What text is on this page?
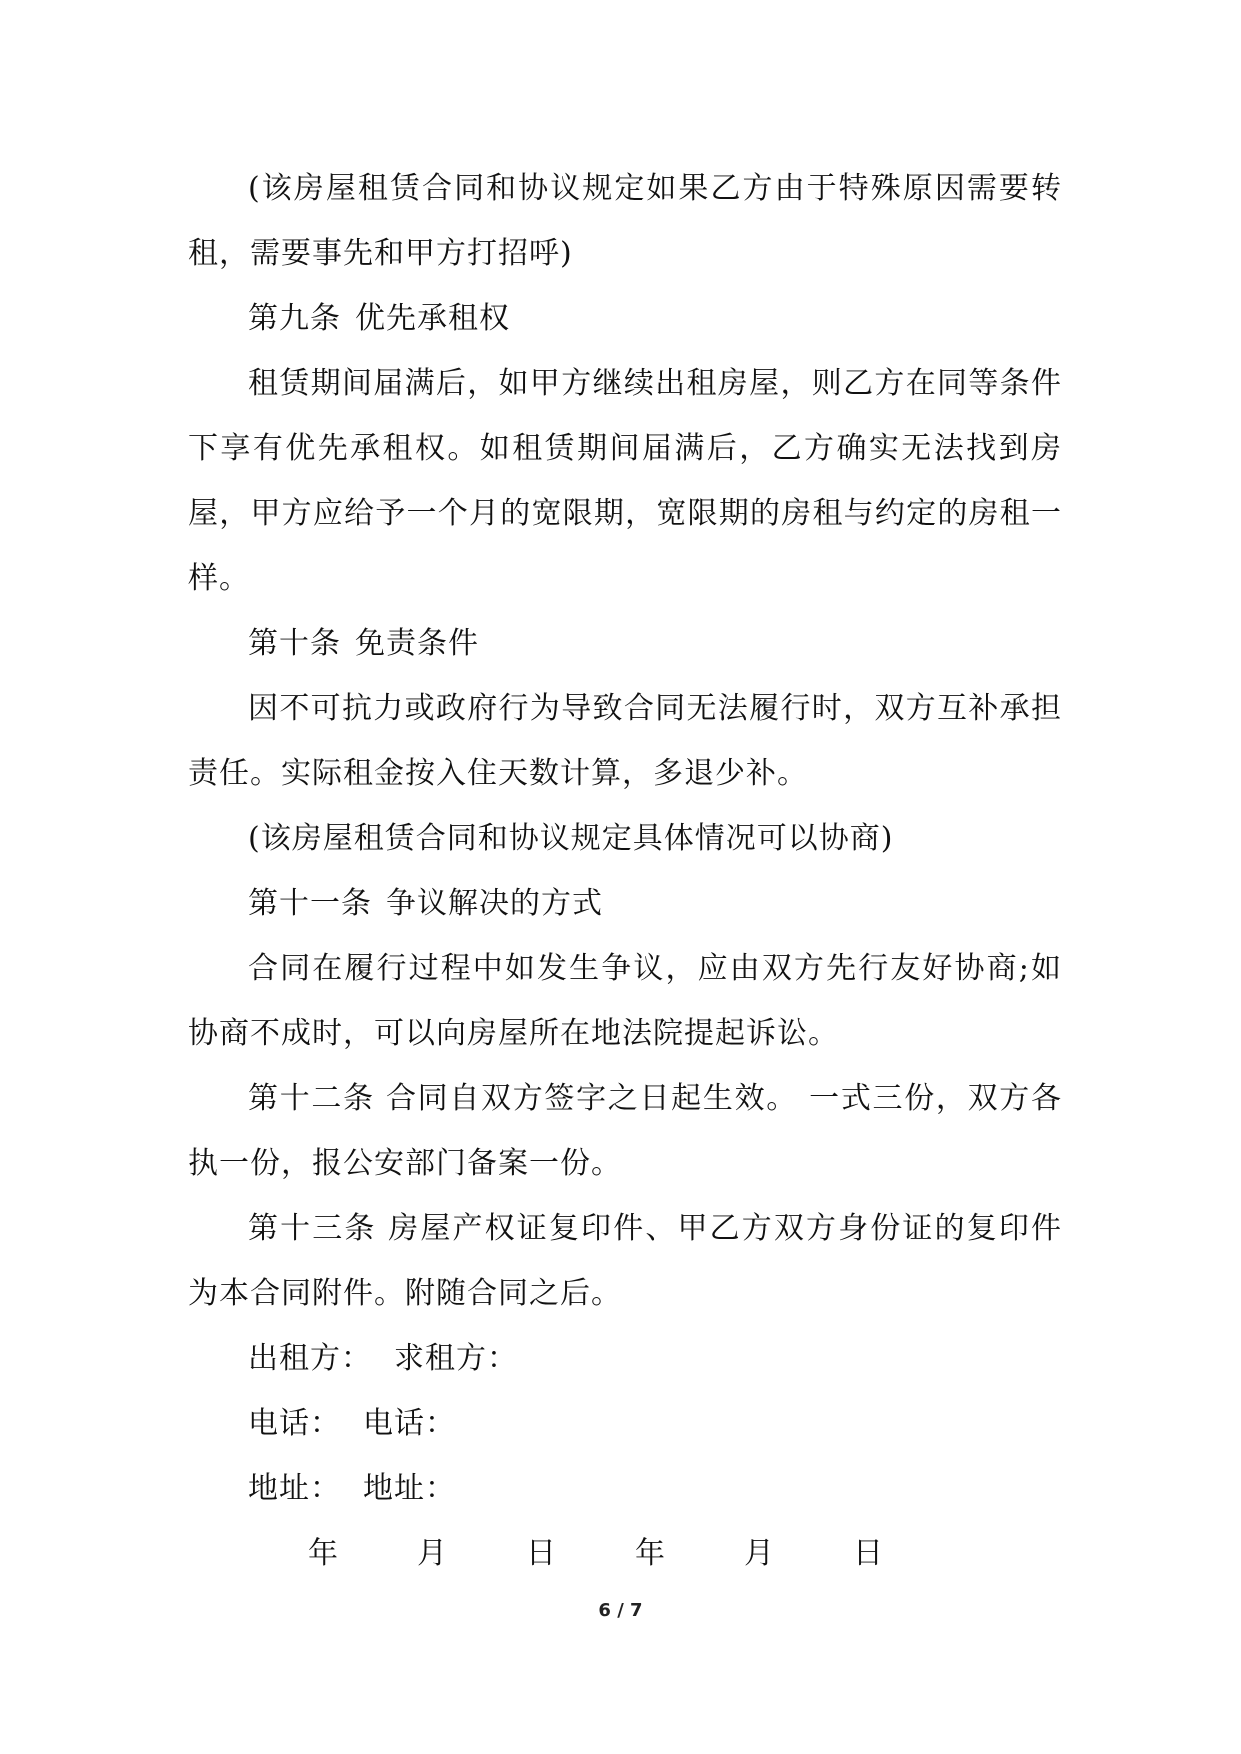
(该房屋租赁合同和协议规定如果乙方由于特殊原因需要转租，需要事先和甲方打招呼)

第九条 优先承租权

租赁期间届满后，如甲方继续出租房屋，则乙方在同等条件下享有优先承租权。如租赁期间届满后，乙方确实无法找到房屋，甲方应给予一个月的宽限期，宽限期的房租与约定的房租一样。

第十条 免责条件

因不可抗力或政府行为导致合同无法履行时，双方互补承担责任。实际租金按入住天数计算，多退少补。

(该房屋租赁合同和协议规定具体情况可以协商)

第十一条 争议解决的方式

合同在履行过程中如发生争议，应由双方先行友好协商;如协商不成时，可以向房屋所在地法院提起诉讼。

第十二条 合同自双方签字之日起生效。 一式三份，双方各执一份，报公安部门备案一份。

第十三条 房屋产权证复印件、甲乙方双方身份证的复印件为本合同附件。附随合同之后。

出租方： 求租方：

电话： 电话：

地址： 地址：

年	月	日	年	月	日

6 / 7
